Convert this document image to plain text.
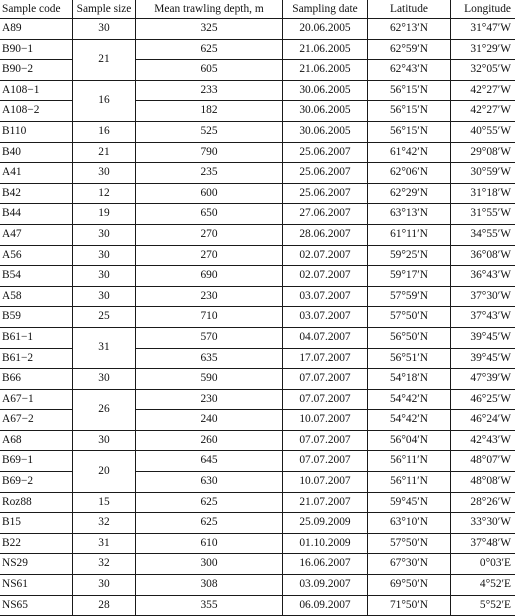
Sample code	Sample size	Mean trawling depth, m	Sampling date	Latitude	Longitude
A89	30	325	20.06.2005	62°13′N	31°47′W
B90−1	21	625	21.06.2005	62°59′N	31°29′W
B90−2		605	21.06.2005	62°43′N	32°05′W
A108−1	16	233	30.06.2005	56°15′N	42°27′W
A108−2		182	30.06.2005	56°15′N	42°27′W
B110	16	525	30.06.2005	56°15′N	40°55′W
B40	21	790	25.06.2007	61°42′N	29°08′W
A41	30	235	25.06.2007	62°06′N	30°59′W
B42	12	600	25.06.2007	62°29′N	31°18′W
B44	19	650	27.06.2007	63°13′N	31°55′W
A47	30	270	28.06.2007	61°11′N	34°55′W
A56	30	270	02.07.2007	59°25′N	36°08′W
B54	30	690	02.07.2007	59°17′N	36°43′W
A58	30	230	03.07.2007	57°59′N	37°30′W
B59	25	710	03.07.2007	57°50′N	37°43′W
B61−1	31	570	04.07.2007	56°50′N	39°45′W
B61−2		635	17.07.2007	56°51′N	39°45′W
B66	30	590	07.07.2007	54°18′N	47°39′W
A67−1	26	230	07.07.2007	54°42′N	46°25′W
A67−2		240	10.07.2007	54°42′N	46°24′W
A68	30	260	07.07.2007	56°04′N	42°43′W
B69−1	20	645	07.07.2007	56°11′N	48°07′W
B69−2		630	10.07.2007	56°11′N	48°08′W
Roz88	15	625	21.07.2007	59°45′N	28°26′W
B15	32	625	25.09.2009	63°10′N	33°30′W
B22	31	610	01.10.2009	57°50′N	37°48′W
NS29	32	300	16.06.2007	67°30′N	0°03′E
NS61	30	308	03.09.2007	69°50′N	4°52′E
NS65	28	355	06.09.2007	71°50′N	5°52′E
